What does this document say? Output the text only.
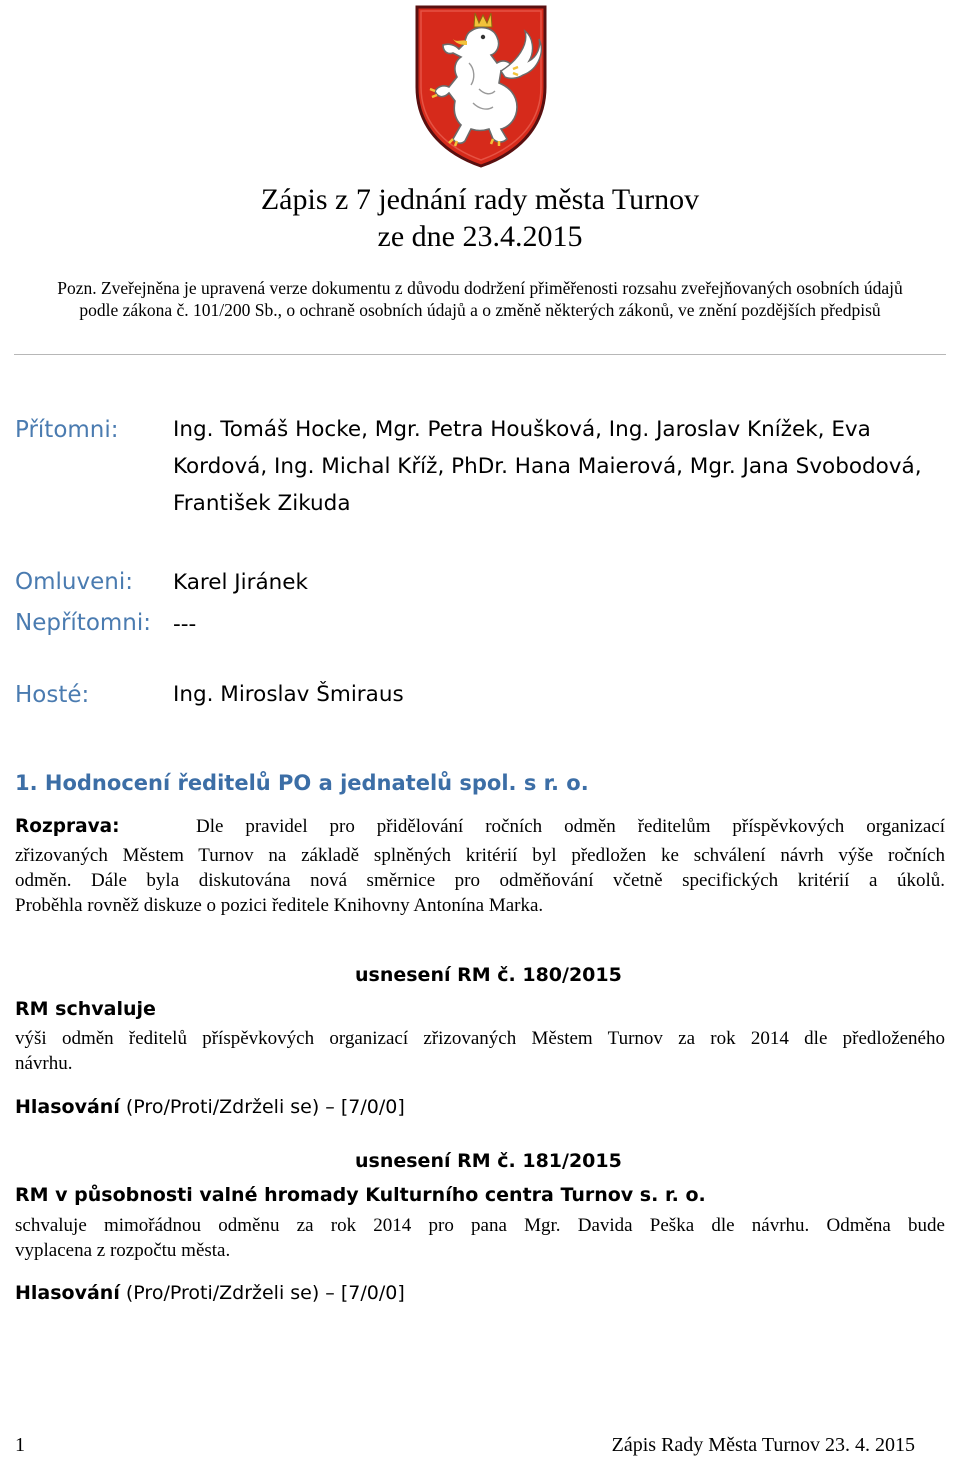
Zápis z 7 jednání rady města Turnov
ze dne 23.4.2015
Pozn. Zveřejněna je upravená verze dokumentu z důvodu dodržení přiměřenosti rozsahu zveřejňovaných osobních údajů
podle zákona č. 101/200 Sb., o ochraně osobních údajů a o změně některých zákonů, ve znění pozdějších předpisů
Přítomni:	Ing. Tomáš Hocke, Mgr. Petra Houšková, Ing. Jaroslav Knížek, Eva
Kordová, Ing. Michal Kříž, PhDr. Hana Maierová, Mgr. Jana Svobodová,
František Zikuda
Omluveni: Karel Jiránek
Nepřítomni: ---
Hosté:	Ing. Miroslav Šmiraus
1. Hodnocení ředitelů PO a jednatelů spol. s r. o.
Rozprava:	Dle pravidel pro přidělování ročních odměn ředitelům příspěvkových organizací
zřizovaných Městem Turnov na základě splněných kritérií byl předložen ke schválení návrh výše ročních
odměn. Dále byla diskutována nová směrnice pro odměňování včetně specifických kritérií a úkolů.
Proběhla rovněž diskuze o pozici ředitele Knihovny Antonína Marka.
usnesení RM č. 180/2015
RM schvaluje
výši odměn ředitelů příspěvkových organizací zřizovaných Městem Turnov za rok 2014 dle předloženého
návrhu.
Hlasování (Pro/Proti/Zdrželi se) – [7/0/0]
usnesení RM č. 181/2015
RM v působnosti valné hromady Kulturního centra Turnov s. r. o.
schvaluje mimořádnou odměnu za rok 2014 pro pana Mgr. Davida Peška dle návrhu. Odměna bude
vyplacena z rozpočtu města.
Hlasování (Pro/Proti/Zdrželi se) – [7/0/0]
1	Zápis Rady Města Turnov 23. 4. 2015
